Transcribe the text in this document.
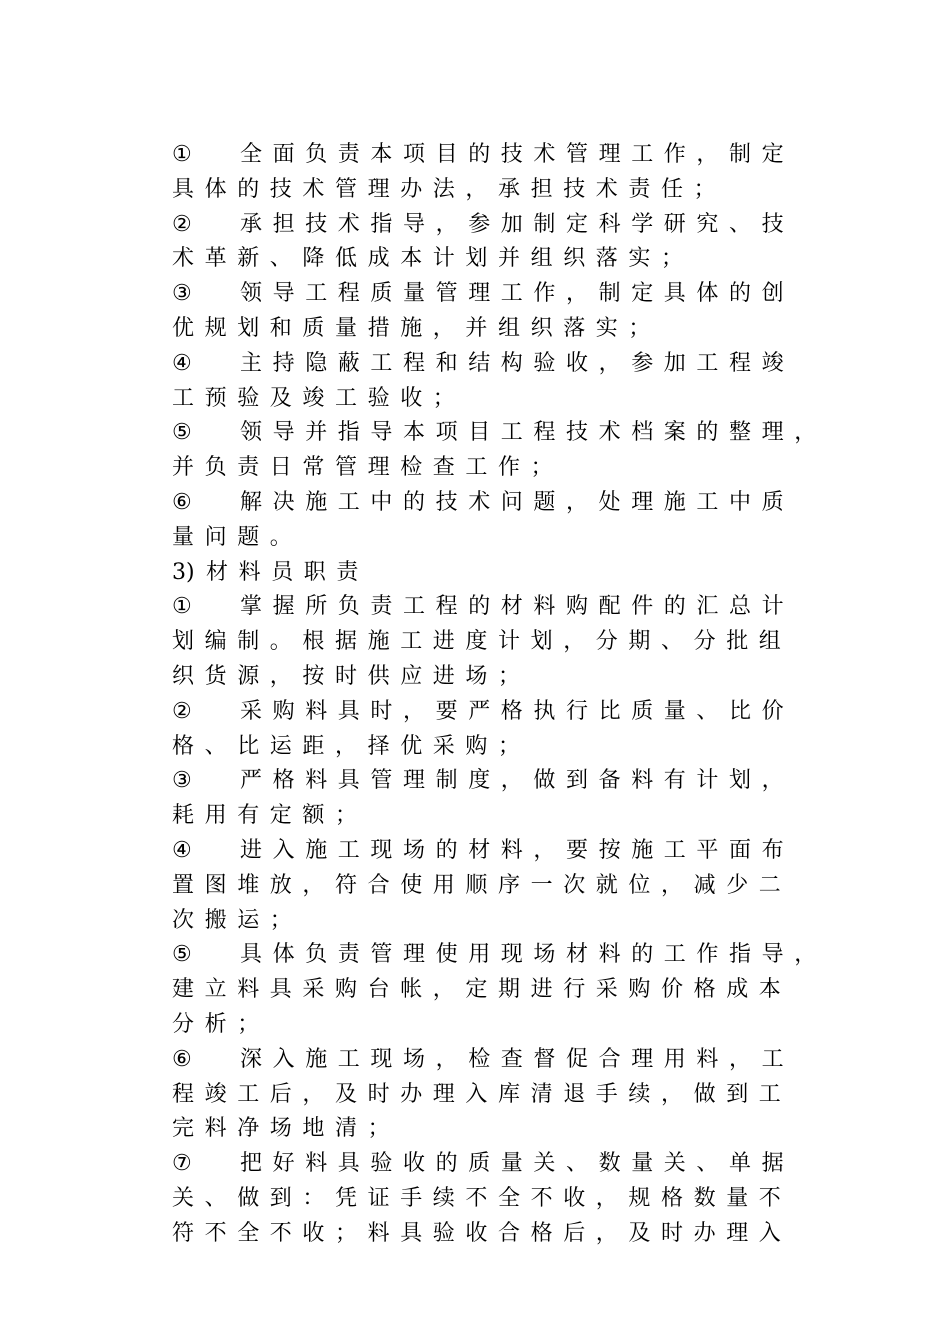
① 全面负责本项目的技术管理工作，制定
具体的技术管理办法，承担技术责任；
② 承担技术指导，参加制定科学研究、技
术革新、降低成本计划并组织落实；
③ 领导工程质量管理工作，制定具体的创
优规划和质量措施，并组织落实；
④ 主持隐蔽工程和结构验收，参加工程竣
工预验及竣工验收；
⑤ 领导并指导本项目工程技术档案的整理，
并负责日常管理检查工作；
⑥ 解决施工中的技术问题，处理施工中质
量问题。
3) 材料员职责
① 掌握所负责工程的材料购配件的汇总计
划编制。根据施工进度计划，分期、分批组
织货源，按时供应进场；
② 采购料具时，要严格执行比质量、比价
格、比运距，择优采购；
③ 严格料具管理制度，做到备料有计划，
耗用有定额；
④ 进入施工现场的材料，要按施工平面布
置图堆放，符合使用顺序一次就位，减少二
次搬运；
⑤ 具体负责管理使用现场材料的工作指导，
建立料具采购台帐，定期进行采购价格成本
分析；
⑥ 深入施工现场，检查督促合理用料，工
程竣工后，及时办理入库清退手续，做到工
完料净场地清；
⑦ 把好料具验收的质量关、数量关、单据
关、做到：凭证手续不全不收，规格数量不
符不全不收；料具验收合格后，及时办理入
